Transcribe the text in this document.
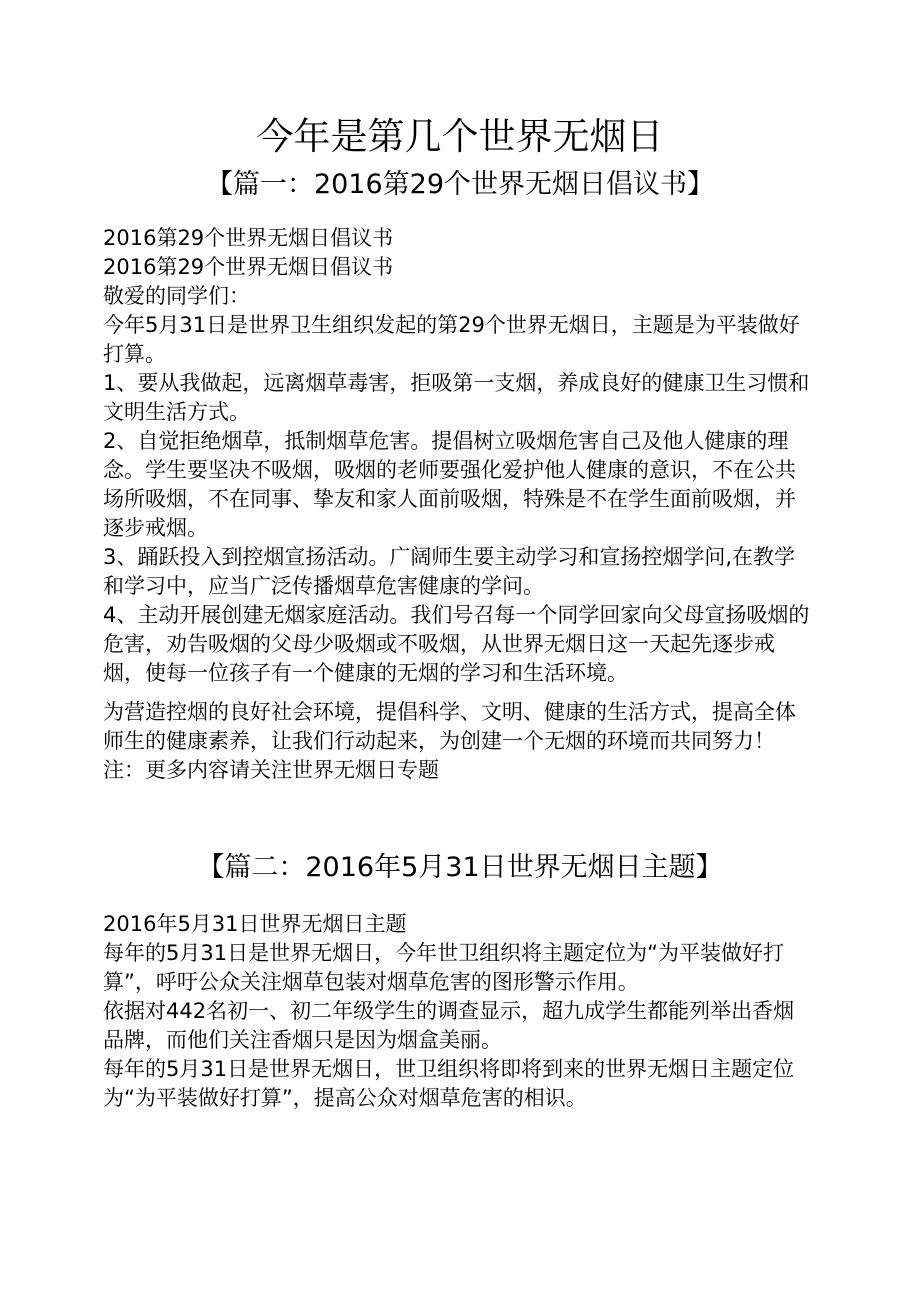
今年是第几个世界无烟日
【篇一：2016第29个世界无烟日倡议书】

2016第29个世界无烟日倡议书

2016第29个世界无烟日倡议书

敬爱的同学们：

今年5月31日是世界卫生组织发起的第29个世界无烟日，主题是为平装做好打算。

1、要从我做起，远离烟草毒害，拒吸第一支烟，养成良好的健康卫生习惯和文明生活方式。

2、自觉拒绝烟草，抵制烟草危害。提倡树立吸烟危害自己及他人健康的理念。学生要坚决不吸烟，吸烟的老师要强化爱护他人健康的意识，不在公共场所吸烟，不在同事、挚友和家人面前吸烟，特殊是不在学生面前吸烟，并逐步戒烟。

3、踊跃投入到控烟宣扬活动。广阔师生要主动学习和宣扬控烟学问,在教学和学习中，应当广泛传播烟草危害健康的学问。

4、主动开展创建无烟家庭活动。我们号召每一个同学回家向父母宣扬吸烟的危害，劝告吸烟的父母少吸烟或不吸烟，从世界无烟日这一天起先逐步戒烟，使每一位孩子有一个健康的无烟的学习和生活环境。

为营造控烟的良好社会环境，提倡科学、文明、健康的生活方式，提高全体师生的健康素养，让我们行动起来，为创建一个无烟的环境而共同努力！

注：更多内容请关注世界无烟日专题

【篇二：2016年5月31日世界无烟日主题】

2016年5月31日世界无烟日主题

每年的5月31日是世界无烟日，今年世卫组织将主题定位为“为平装做好打算”，呼吁公众关注烟草包装对烟草危害的图形警示作用。

依据对442名初一、初二年级学生的调查显示，超九成学生都能列举出香烟品牌，而他们关注香烟只是因为烟盒美丽。

每年的5月31日是世界无烟日，世卫组织将即将到来的世界无烟日主题定位为“为平装做好打算”，提高公众对烟草危害的相识。
